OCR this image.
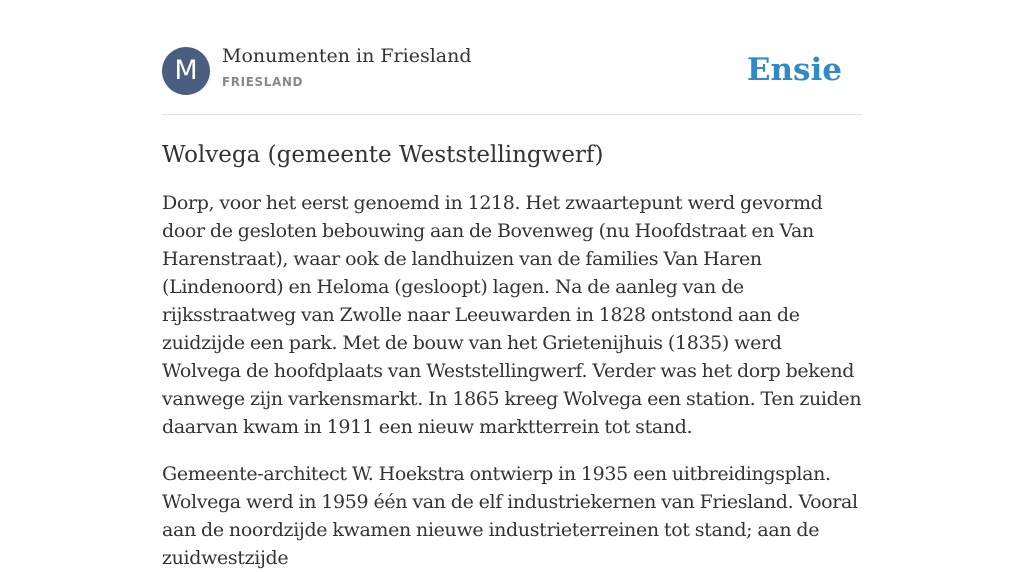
M	Monumenten in Friesland
FRIESLAND	Ensie
Wolvega (gemeente Weststellingwerf)

Dorp, voor het eerst genoemd in 1218. Het zwaartepunt werd gevormd door de gesloten bebouwing aan de Bovenweg (nu Hoofdstraat en Van Harenstraat), waar ook de landhuizen van de families Van Haren (Lindenoord) en Heloma (gesloopt) lagen. Na de aanleg van de rijksstraatweg van Zwolle naar Leeuwarden in 1828 ontstond aan de zuidzijde een park. Met de bouw van het Grietenijhuis (1835) werd Wolvega de hoofdplaats van Weststellingwerf. Verder was het dorp bekend vanwege zijn varkensmarkt. In 1865 kreeg Wolvega een station. Ten zuiden daarvan kwam in 1911 een nieuw marktterrein tot stand.

Gemeente-architect W. Hoekstra ontwierp in 1935 een uitbreidingsplan. Wolvega werd in 1959 één van de elf industriekernen van Friesland. Vooral aan de noordzijde kwamen nieuwe industrieterreinen tot stand; aan de zuidwestzijde
